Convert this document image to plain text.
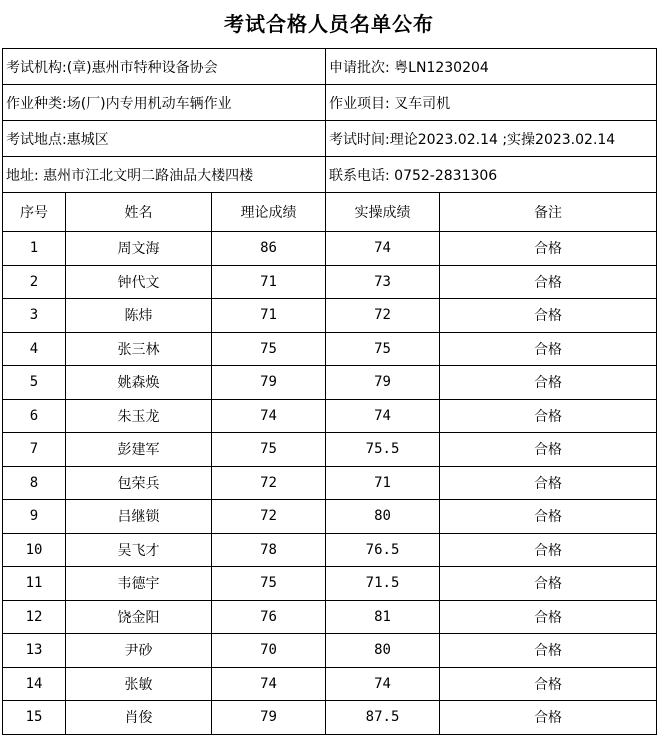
考试合格人员名单公布
考试机构:(章)惠州市特种设备协会			申请批次: 粤LN1230204	
作业种类:场(厂)内专用机动车辆作业			作业项目: 叉车司机	
考试地点:惠城区			考试时间:理论2023.02.14 ;实操2023.02.14	
地址: 惠州市江北文明二路油品大楼四楼			联系电话: 0752-2831306	
序号	姓名	理论成绩	实操成绩	备注
1	周文海	86	74	合格
2	钟代文	71	73	合格
3	陈炜	71	72	合格
4	张三林	75	75	合格
5	姚森焕	79	79	合格
6	朱玉龙	74	74	合格
7	彭建军	75	75.5	合格
8	包荣兵	72	71	合格
9	吕继锁	72	80	合格
10	吴飞才	78	76.5	合格
11	韦德宇	75	71.5	合格
12	饶金阳	76	81	合格
13	尹砂	70	80	合格
14	张敏	74	74	合格
15	肖俊	79	87.5	合格
